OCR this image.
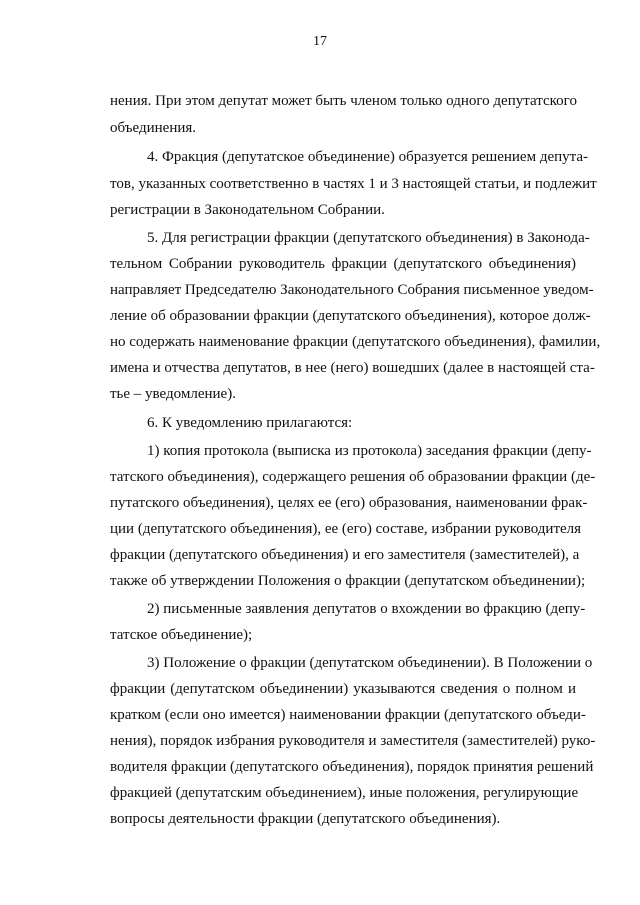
17
нения. При этом депутат может быть членом только одного депутатского
объединения.
4. Фракция (депутатское объединение) образуется решением депута-
тов, указанных соответственно в частях 1 и 3 настоящей статьи, и подлежит
регистрации в Законодательном Собрании.
5. Для регистрации фракции (депутатского объединения) в Законода-
тельном Собрании руководитель фракции (депутатского объединения)
направляет Председателю Законодательного Собрания письменное уведом-
ление об образовании фракции (депутатского объединения), которое долж-
но содержать наименование фракции (депутатского объединения), фамилии,
имена и отчества депутатов, в нее (него) вошедших (далее в настоящей ста-
тье – уведомление).
6. К уведомлению прилагаются:
1) копия протокола (выписка из протокола) заседания фракции (депу-
татского объединения), содержащего решения об образовании фракции (де-
путатского объединения), целях ее (его) образования, наименовании фрак-
ции (депутатского объединения), ее (его) составе, избрании руководителя
фракции (депутатского объединения) и его заместителя (заместителей), а
также об утверждении Положения о фракции (депутатском объединении);
2) письменные заявления депутатов о вхождении во фракцию (депу-
татское объединение);
3) Положение о фракции (депутатском объединении). В Положении о
фракции (депутатском объединении) указываются сведения о полном и
кратком (если оно имеется) наименовании фракции (депутатского объеди-
нения), порядок избрания руководителя и заместителя (заместителей) руко-
водителя фракции (депутатского объединения), порядок принятия решений
фракцией (депутатским объединением), иные положения, регулирующие
вопросы деятельности фракции (депутатского объединения).
